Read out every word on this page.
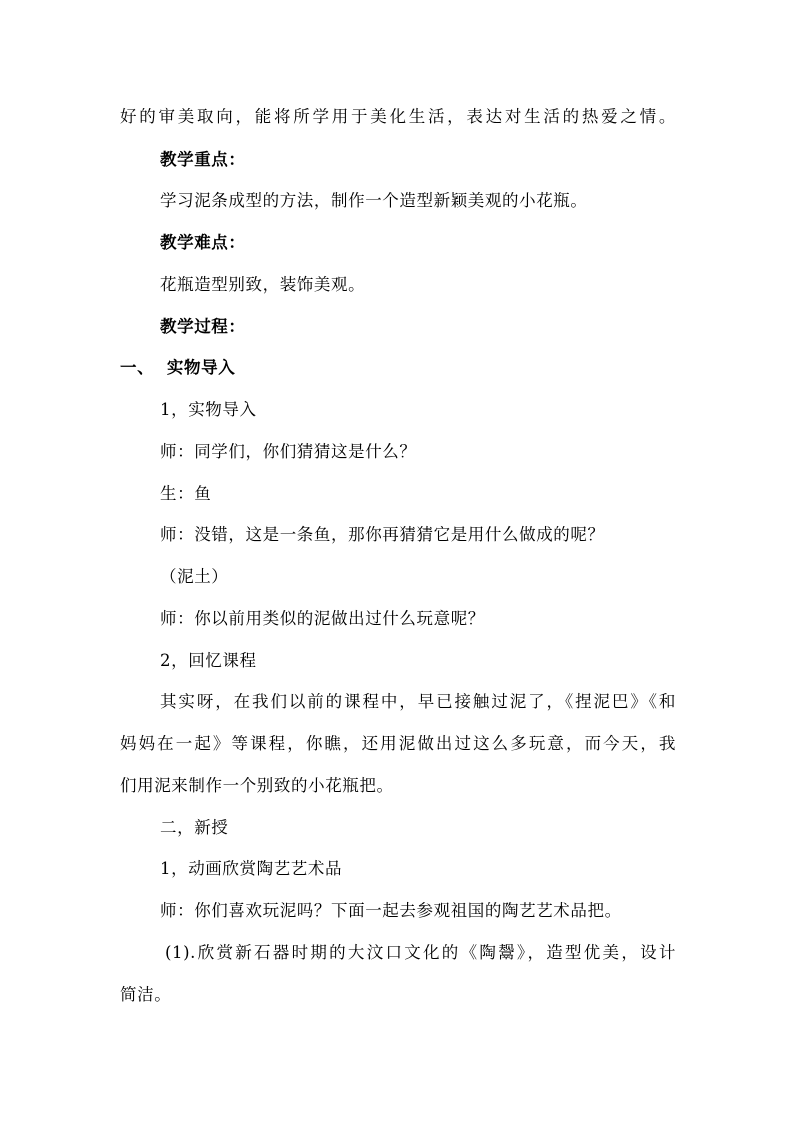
好的审美取向，能将所学用于美化生活，表达对生活的热爱之情。
教学重点：
学习泥条成型的方法，制作一个造型新颖美观的小花瓶。
教学难点：
花瓶造型别致，装饰美观。
教学过程：
一、  实物导入
1，实物导入
师：同学们，你们猜猜这是什么？
生：鱼
师：没错，这是一条鱼，那你再猜猜它是用什么做成的呢？
（泥土）
师：你以前用类似的泥做出过什么玩意呢？
2，回忆课程
其实呀，在我们以前的课程中，早已接触过泥了，《捏泥巴》《和
妈妈在一起》等课程，你瞧，还用泥做出过这么多玩意，而今天，我
们用泥来制作一个别致的小花瓶把。
二，新授
1，动画欣赏陶艺艺术品
师：你们喜欢玩泥吗？下面一起去参观祖国的陶艺艺术品把。
(1).欣赏新石器时期的大汶口文化的《陶鬶》，造型优美，设计
简洁。
